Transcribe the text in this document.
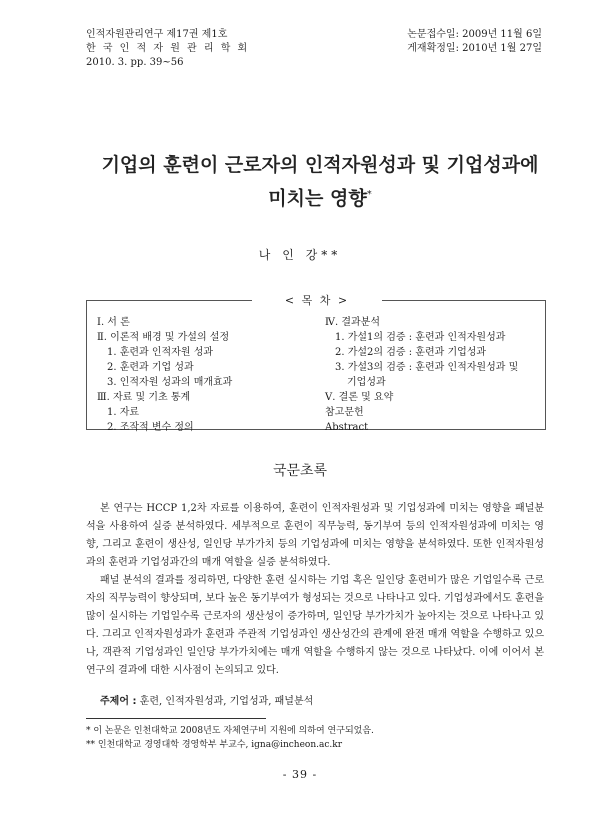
인적자원관리연구 제17권 제1호
한 국 인 적 자 원 관 리 학 회
2010. 3. pp. 39~56
논문접수일: 2009년 11월 6일
게재확정일: 2010년 1월 27일
기업의 훈련이 근로자의 인적자원성과 및 기업성과에
미치는 영향*
나 인 강**
< 목 차 >
Ⅰ. 서 론
Ⅱ. 이론적 배경 및 가설의 설정
1. 훈련과 인적자원 성과
2. 훈련과 기업 성과
3. 인적자원 성과의 매개효과
Ⅲ. 자료 및 기초 통계
1. 자료
2. 조작적 변수 정의
Ⅳ. 결과분석
1. 가설1의 검증 : 훈련과 인적자원성과
2. 가설2의 검증 : 훈련과 기업성과
3. 가설3의 검증 : 훈련과 인적자원성과 및
기업성과
Ⅴ. 결론 및 요약
참고문헌
Abstract
국문초록

본 연구는 HCCP 1,2차 자료를 이용하여, 훈련이 인적자원성과 및 기업성과에 미치는 영향을 패널분석을 사용하여 실증 분석하였다. 세부적으로 훈련이 직무능력, 동기부여 등의 인적자원성과에 미치는 영향, 그리고 훈련이 생산성, 일인당 부가가치 등의 기업성과에 미치는 영향을 분석하였다. 또한 인적자원성과의 훈련과 기업성과간의 매개 역할을 실증 분석하였다.

패널 분석의 결과를 정리하면, 다양한 훈련 실시하는 기업 혹은 일인당 훈련비가 많은 기업일수록 근로자의 직무능력이 향상되며, 보다 높은 동기부여가 형성되는 것으로 나타나고 있다. 기업성과에서도 훈련을 많이 실시하는 기업일수록 근로자의 생산성이 증가하며, 일인당 부가가치가 높아지는 것으로 나타나고 있다. 그리고 인적자원성과가 훈련과 주관적 기업성과인 생산성간의 관계에 완전 매개 역할을 수행하고 있으나, 객관적 기업성과인 일인당 부가가치에는 매개 역할을 수행하지 않는 것으로 나타났다. 이에 이어서 본 연구의 결과에 대한 시사점이 논의되고 있다.

주제어 : 훈련, 인적자원성과, 기업성과, 패널분석
* 이 논문은 인천대학교 2008년도 자체연구비 지원에 의하여 연구되었음.
** 인천대학교 경영대학 경영학부 부교수, igna@incheon.ac.kr
- 39 -
